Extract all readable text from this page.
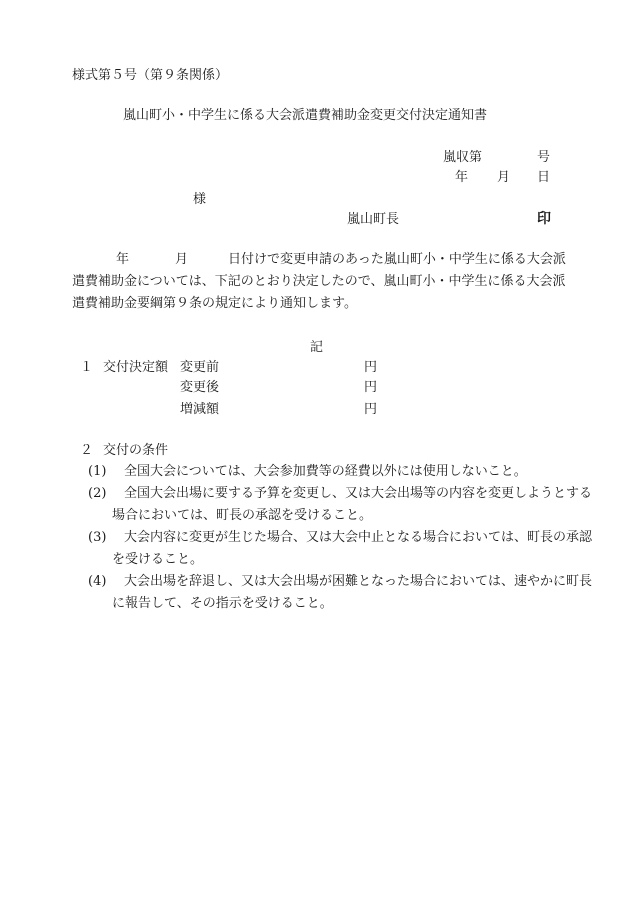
様式第５号（第９条関係）
嵐山町小・中学生に係る大会派遣費補助金変更交付決定通知書
嵐収第	号
年 月 日
様
嵐山町長	印
年	月	日付けで変更申請のあった嵐山町小・中学生に係る大会派遣費補助金については、下記のとおり決定したので、嵐山町小・中学生に係る大会派遣費補助金要綱第９条の規定により通知します。
記
１ 交付決定額 変更前	円
変更後	円
増減額	円
２ 交付の条件
(1) 全国大会については、大会参加費等の経費以外には使用しないこと。
(2) 全国大会出場に要する予算を変更し、又は大会出場等の内容を変更しようとする場合においては、町長の承認を受けること。
(3) 大会内容に変更が生じた場合、又は大会中止となる場合においては、町長の承認を受けること。
(4) 大会出場を辞退し、又は大会出場が困難となった場合においては、速やかに町長に報告して、その指示を受けること。
